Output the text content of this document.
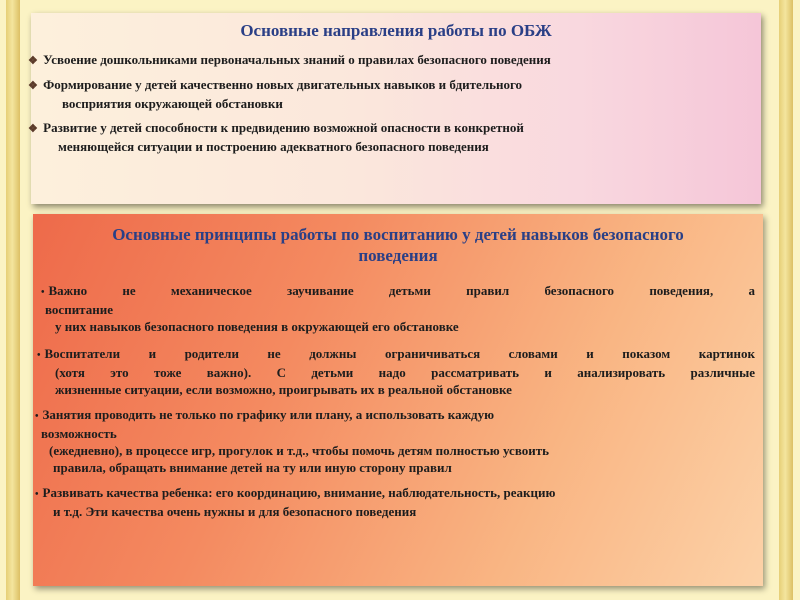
Основные направления работы по ОБЖ
❖ Усвоение дошкольниками первоначальных знаний о правилах безопасного поведения
❖ Формирование у детей качественно новых двигательных навыков и бдительного
восприятия окружающей обстановки
❖ Развитие у детей способности к предвидению возможной опасности в конкретной
меняющейся ситуации и построению адекватного безопасного поведения
Основные принципы работы по воспитанию у детей навыков безопасного поведения
• Важно не механическое заучивание детьми правил безопасного поведения, а
воспитание
у них навыков безопасного поведения в окружающей его обстановке
• Воспитатели и родители не должны ограничиваться словами и показом картинок
(хотя это тоже важно). С детьми надо рассматривать и анализировать различные
жизненные ситуации, если возможно, проигрывать их в реальной обстановке
• Занятия проводить не только по графику или плану, а использовать каждую
возможность
(ежедневно), в процессе игр, прогулок и т.д., чтобы помочь детям полностью усвоить
правила, обращать внимание детей на ту или иную сторону правил
• Развивать качества ребенка: его координацию, внимание, наблюдательность, реакцию
и т.д. Эти качества очень нужны и для безопасного поведения
